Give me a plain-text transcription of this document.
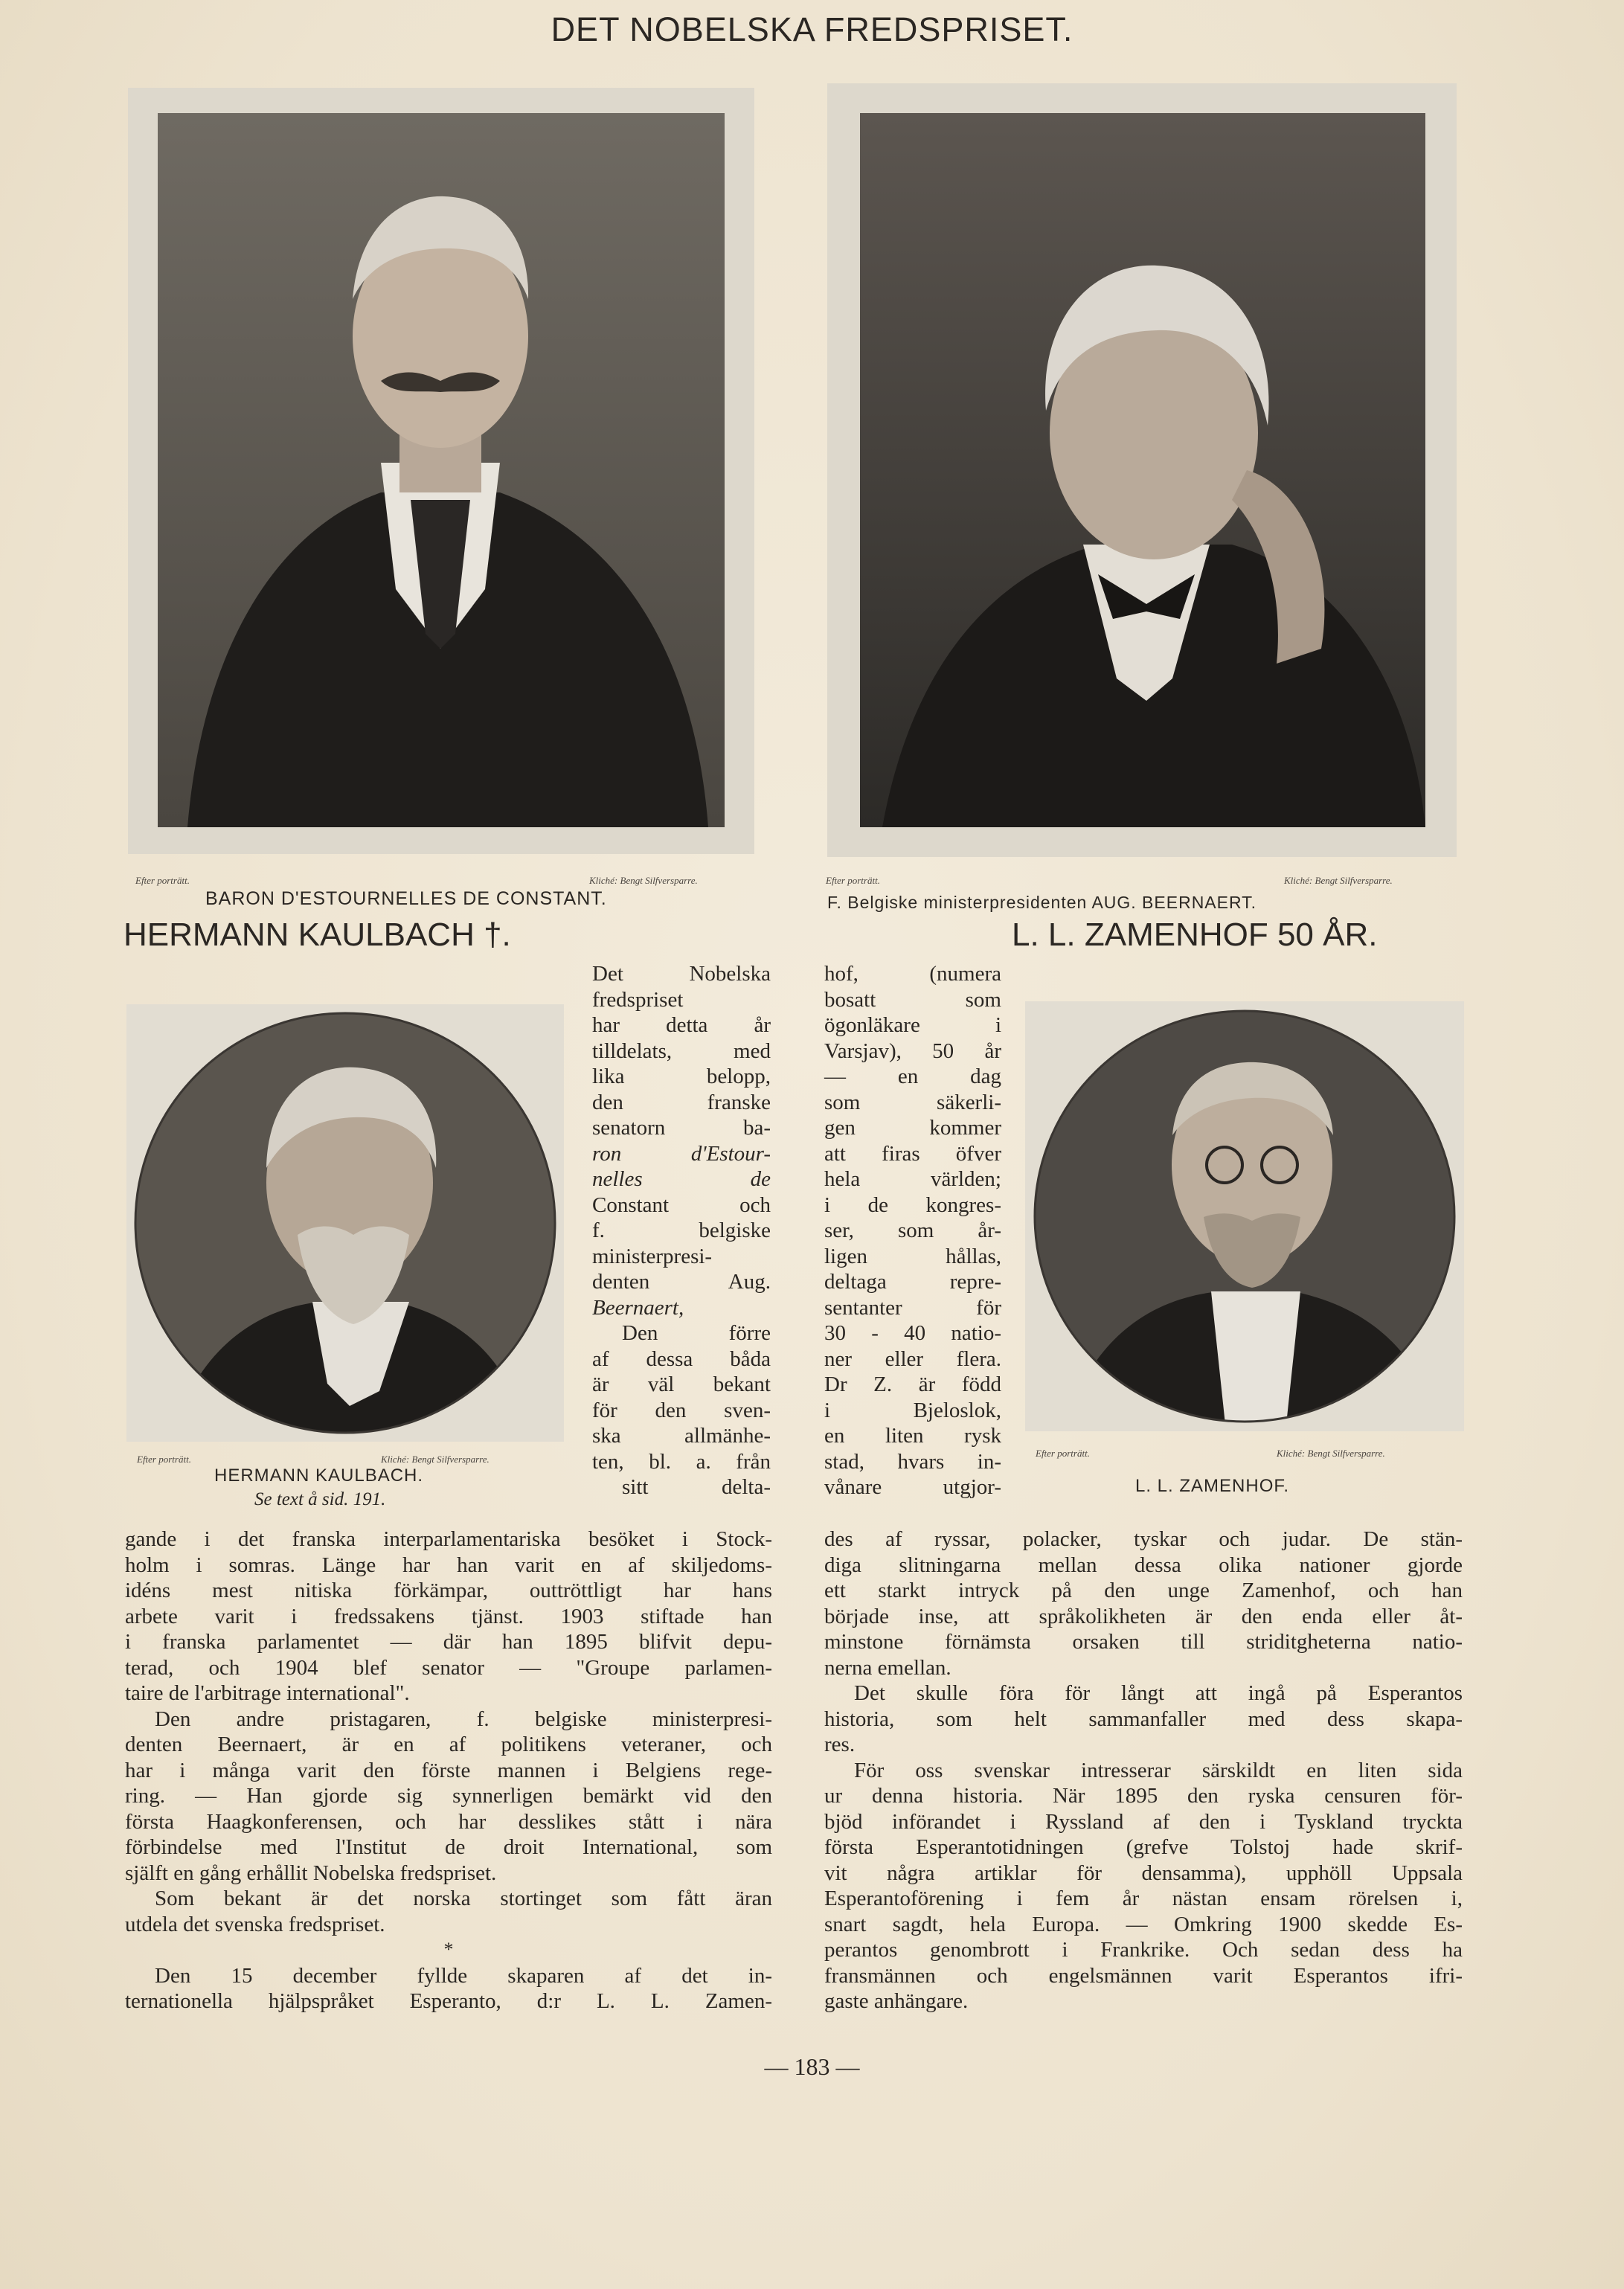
DET NOBELSKA FREDSPRISET.
Efter porträtt.	Kliché: Bengt Silfversparre.
BARON D'ESTOURNELLES DE CONSTANT.
Efter porträtt.	Kliché: Bengt Silfversparre.
F. Belgiske ministerpresidenten AUG. BEERNAERT.
HERMANN KAULBACH †.	L. L. ZAMENHOF 50 ÅR.
Efter porträtt.	Kliché: Bengt Silfversparre.
HERMANN KAULBACH.
Se text å sid. 191.
Efter porträtt.	Kliché: Bengt Silfversparre.
L. L. ZAMENHOF.
Det Nobelska
fredspriset
har detta år
tilldelats, med
lika belopp,
den franske
senatorn ba-
ron d'Estour-
nelles de
Constant och
f. belgiske
ministerpresi-
denten Aug.
Beernaert,
Den förre
af dessa båda
är väl bekant
för den sven-
ska allmänhe-
ten, bl. a. från
sitt delta-
hof, (numera
bosatt som
ögonläkare i
Varsjav), 50 år
— en dag
som säkerli-
gen kommer
att firas öfver
hela världen;
i de kongres-
ser, som år-
ligen hållas,
deltaga repre-
sentanter för
30 - 40 natio-
ner eller flera.
Dr Z. är född
i Bjeloslok,
en liten rysk
stad, hvars in-
vånare utgjor-
gande i det franska interparlamentariska besöket i Stock-
holm i somras. Länge har han varit en af skiljedoms-
idéns mest nitiska förkämpar, outtröttligt har hans
arbete varit i fredssakens tjänst. 1903 stiftade han
i franska parlamentet — där han 1895 blifvit depu-
terad, och 1904 blef senator — "Groupe parlamen-
taire de l'arbitrage international".
Den andre pristagaren, f. belgiske ministerpresi-
denten Beernaert, är en af politikens veteraner, och
har i många varit den förste mannen i Belgiens rege-
ring. — Han gjorde sig synnerligen bemärkt vid den
första Haagkonferensen, och har desslikes stått i nära
förbindelse med l'Institut de droit International, som
själft en gång erhållit Nobelska fredspriset.
Som bekant är det norska stortinget som fått äran
utdela det svenska fredspriset.
*
Den 15 december fyllde skaparen af det in-
ternationella hjälpspråket Esperanto, d:r L. L. Zamen-
des af ryssar, polacker, tyskar och judar. De stän-
diga slitningarna mellan dessa olika nationer gjorde
ett starkt intryck på den unge Zamenhof, och han
började inse, att språkolikheten är den enda eller åt-
minstone förnämsta orsaken till striditgheterna natio-
nerna emellan.
Det skulle föra för långt att ingå på Esperantos
historia, som helt sammanfaller med dess skapa-
res.
För oss svenskar intresserar särskildt en liten sida
ur denna historia. När 1895 den ryska censuren för-
bjöd införandet i Ryssland af den i Tyskland tryckta
första Esperantotidningen (grefve Tolstoj hade skrif-
vit några artiklar för densamma), upphöll Uppsala
Esperantoförening i fem år nästan ensam rörelsen i,
snart sagdt, hela Europa. — Omkring 1900 skedde Es-
perantos genombrott i Frankrike. Och sedan dess ha
fransmännen och engelsmännen varit Esperantos ifri-
gaste anhängare.
— 183 —
